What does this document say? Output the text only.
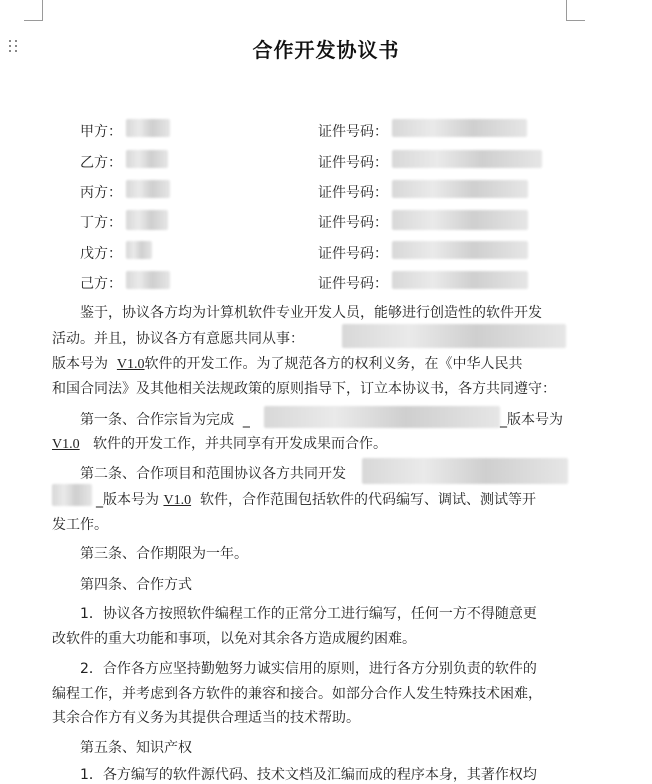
合作开发协议书
甲方：
乙方：
丙方：
丁方：
戊方：
己方：
证件号码：
证件号码：
证件号码：
证件号码：
证件号码：
证件号码：
鉴于，协议各方均为计算机软件专业开发人员，能够进行创造性的软件开发
活动。并且，协议各方有意愿共同从事：
版本号为 V1.0软件的开发工作。为了规范各方的权利义务，在《中华人民共
和国合同法》及其他相关法规政策的原则指导下，订立本协议书，各方共同遵守：
第一条、合作宗旨为完成  _	_版本号为
V1.0 软件的开发工作，并共同享有开发成果而合作。
第二条、合作项目和范围协议各方共同开发
_版本号为 V1.0 软件，合作范围包括软件的代码编写、调试、测试等开
发工作。
第三条、合作期限为一年。
第四条、合作方式
1．协议各方按照软件编程工作的正常分工进行编写，任何一方不得随意更
改软件的重大功能和事项，以免对其余各方造成履约困难。
2．合作各方应坚持勤勉努力诚实信用的原则，进行各方分别负责的软件的
编程工作，并考虑到各方软件的兼容和接合。如部分合作人发生特殊技术困难，
其余合作方有义务为其提供合理适当的技术帮助。
第五条、知识产权
1．各方编写的软件源代码、技术文档及汇编而成的程序本身，其著作权均
